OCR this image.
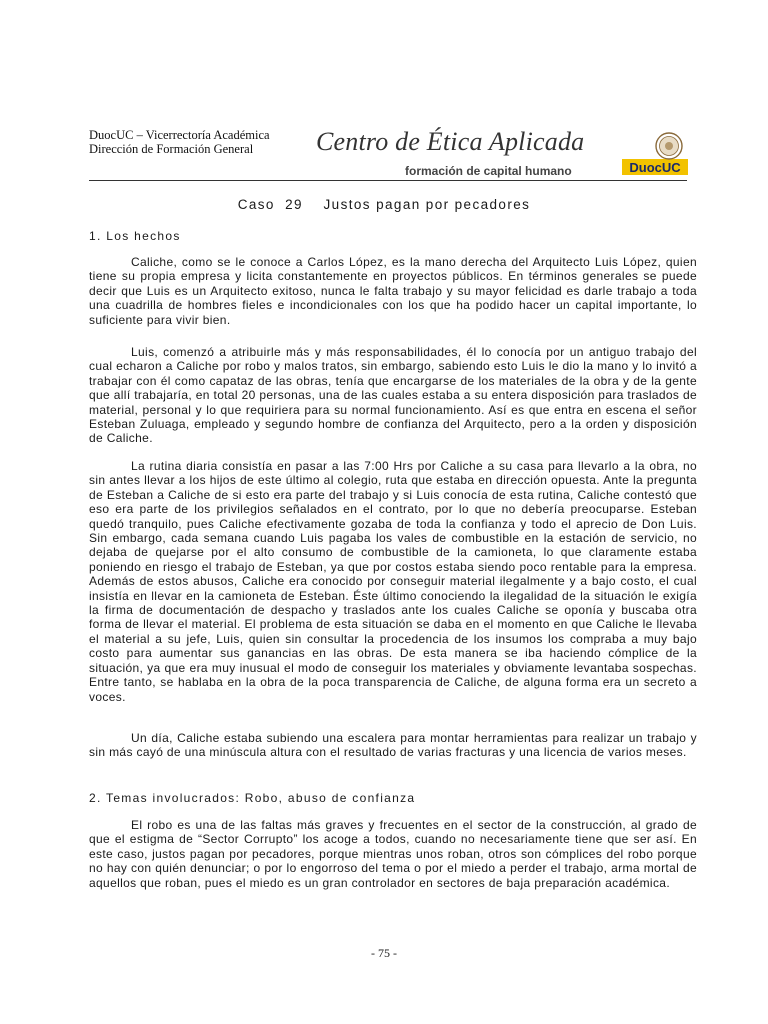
DuocUC – Vicerrectoría Académica
Dirección de Formación General	Centro de Ética Aplicada
formación de capital humano	DuocUC
Caso  29    Justos pagan por pecadores
1. Los hechos

Caliche, como se le conoce a Carlos López, es la mano derecha del Arquitecto Luis López, quien tiene su propia empresa y licita constantemente en proyectos públicos. En términos generales se puede decir que Luis es un Arquitecto exitoso, nunca le falta trabajo y su mayor felicidad es darle trabajo a toda una cuadrilla de hombres fieles e incondicionales con los que ha podido hacer un capital importante, lo suficiente para vivir bien.

Luis, comenzó a atribuirle más y más responsabilidades, él lo conocía por un antiguo trabajo del cual echaron a Caliche por robo y malos tratos, sin embargo, sabiendo esto Luis le dio la mano y lo invitó a trabajar con él como capataz de las obras, tenía que encargarse de los materiales de la obra y de la gente que allí trabajaría, en total 20 personas, una de las cuales estaba a su entera disposición para traslados de material, personal y lo que requiriera para su normal funcionamiento. Así es que entra en escena el señor Esteban Zuluaga, empleado y segundo hombre de confianza del Arquitecto, pero a la orden y disposición de Caliche.

La rutina diaria consistía en pasar a las 7:00 Hrs por Caliche a su casa para llevarlo a la obra, no sin antes llevar a los hijos de este último al colegio, ruta que estaba en dirección opuesta. Ante la pregunta de Esteban a Caliche de si esto era parte del trabajo y si Luis conocía de esta rutina, Caliche contestó que eso era parte de los privilegios señalados en el contrato, por lo que no debería preocuparse. Esteban quedó tranquilo, pues Caliche efectivamente gozaba de toda la confianza y todo el aprecio de Don Luis. Sin embargo, cada semana cuando Luis pagaba los vales de combustible en la estación de servicio, no dejaba de quejarse por el alto consumo de combustible de la camioneta, lo que claramente estaba poniendo en riesgo el trabajo de Esteban, ya que por costos estaba siendo poco rentable para la empresa. Además de estos abusos, Caliche era conocido por conseguir material ilegalmente y a bajo costo, el cual insistía en llevar en la camioneta de Esteban. Éste último conociendo la ilegalidad de la situación le exigía la firma de documentación de despacho y traslados ante los cuales Caliche se oponía y buscaba otra forma de llevar el material. El problema de esta situación se daba en el momento en que Caliche le llevaba el material a su jefe, Luis, quien sin consultar la procedencia de los insumos los compraba a muy bajo costo para aumentar sus ganancias en las obras. De esta manera se iba haciendo cómplice de la situación, ya que era muy inusual el modo de conseguir los materiales y obviamente levantaba sospechas. Entre tanto, se hablaba en la obra de la poca transparencia de Caliche, de alguna forma era un secreto a voces.

Un día, Caliche estaba subiendo una escalera para montar herramientas para realizar un trabajo y sin más cayó de una minúscula altura con el resultado de varias fracturas y una licencia de varios meses.

2. Temas involucrados: Robo, abuso de confianza

El robo es una de las faltas más graves y frecuentes en el sector de la construcción, al grado de que el estigma de “Sector Corrupto” los acoge a todos, cuando no necesariamente tiene que ser así. En este caso, justos pagan por pecadores, porque mientras unos roban, otros son cómplices del robo porque no hay con quién denunciar; o por lo engorroso del tema o por el miedo a perder el trabajo, arma mortal de aquellos que roban, pues el miedo es un gran controlador en sectores de baja preparación académica.

- 75 -
